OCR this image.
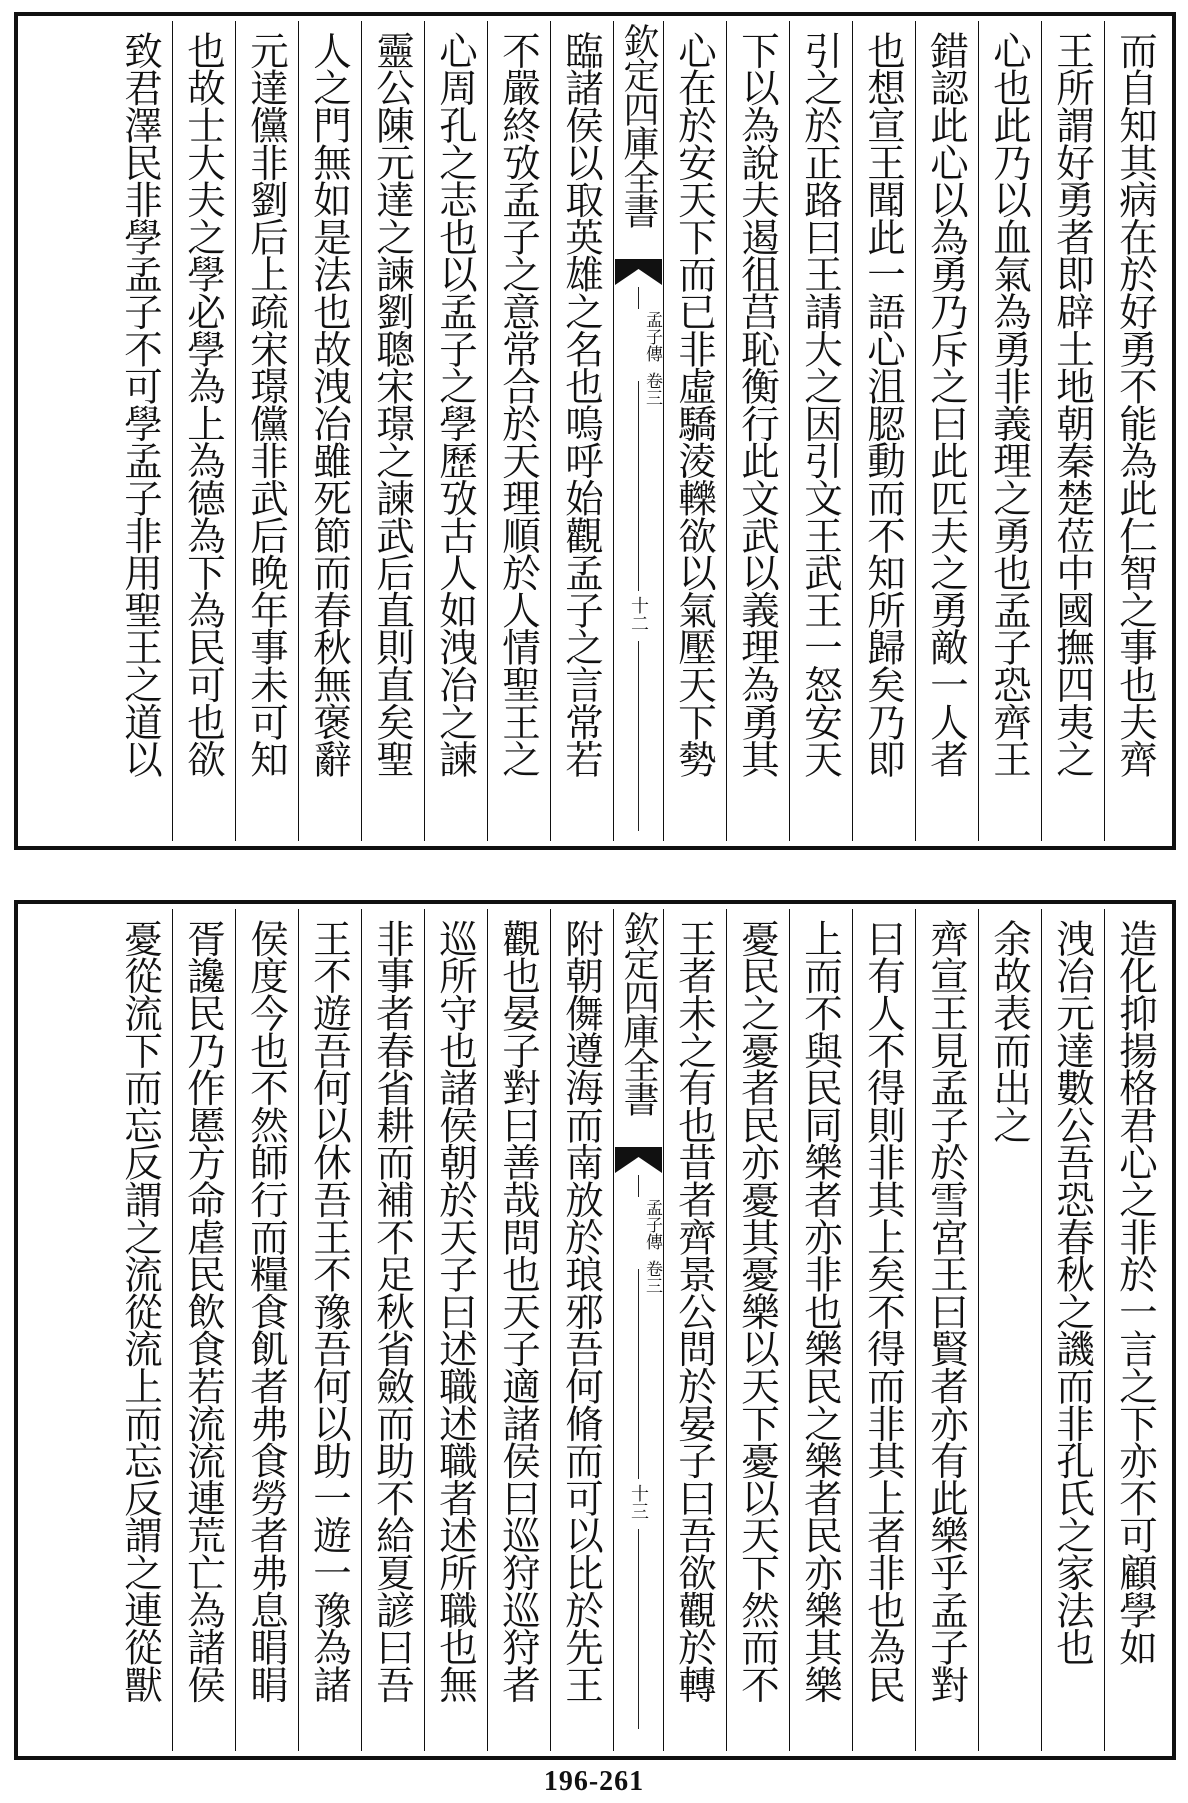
而自知其病在於好勇不能為此仁智之事也夫齊
王所謂好勇者即辟土地朝秦楚莅中國撫四夷之
心也此乃以血氣為勇非義理之勇也孟子恐齊王
錯認此心以為勇乃斥之曰此匹夫之勇敵一人者
也想宣王聞此一語心沮䏰動而不知所歸矣乃即
引之於正路曰王請大之因引文王武王一怒安天
下以為說夫遏徂莒恥衡行此文武以義理為勇其
心在於安天下而已非虛驕淩轢欲以氣壓天下勢
欽定四庫全書
孟子傳
卷三
十二
臨諸侯以取英雄之名也嗚呼始觀孟子之言常若
不嚴終攷孟子之意常合於天理順於人情聖王之
心周孔之志也以孟子之學歷攷古人如洩冶之諫
靈公陳元達之諫劉聰宋璟之諫武后直則直矣聖
人之門無如是法也故洩冶雖死節而春秋無褒辭
元達儻非劉后上疏宋璟儻非武后晚年事未可知
也故士大夫之學必學為上為德為下為民可也欲
致君澤民非學孟子不可學孟子非用聖王之道以
造化抑揚格君心之非於一言之下亦不可顧學如
洩冶元達數公吾恐春秋之譏而非孔氏之家法也
余故表而出之
齊宣王見孟子於雪宮王曰賢者亦有此樂乎孟子對
曰有人不得則非其上矣不得而非其上者非也為民
上而不與民同樂者亦非也樂民之樂者民亦樂其樂
憂民之憂者民亦憂其憂樂以天下憂以天下然而不
王者未之有也昔者齊景公問於晏子曰吾欲觀於轉
欽定四庫全書
孟子傳
卷三
十三
附朝儛遵海而南放於琅邪吾何脩而可以比於先王
觀也晏子對曰善哉問也天子適諸侯曰巡狩巡狩者
巡所守也諸侯朝於天子曰述職述職者述所職也無
非事者春省耕而補不足秋省斂而助不給夏諺曰吾
王不遊吾何以休吾王不豫吾何以助一遊一豫為諸
侯度今也不然師行而糧食飢者弗食勞者弗息睊睊
胥讒民乃作慝方命虐民飲食若流流連荒亡為諸侯
憂從流下而忘反謂之流從流上而忘反謂之連從獸
196-261
